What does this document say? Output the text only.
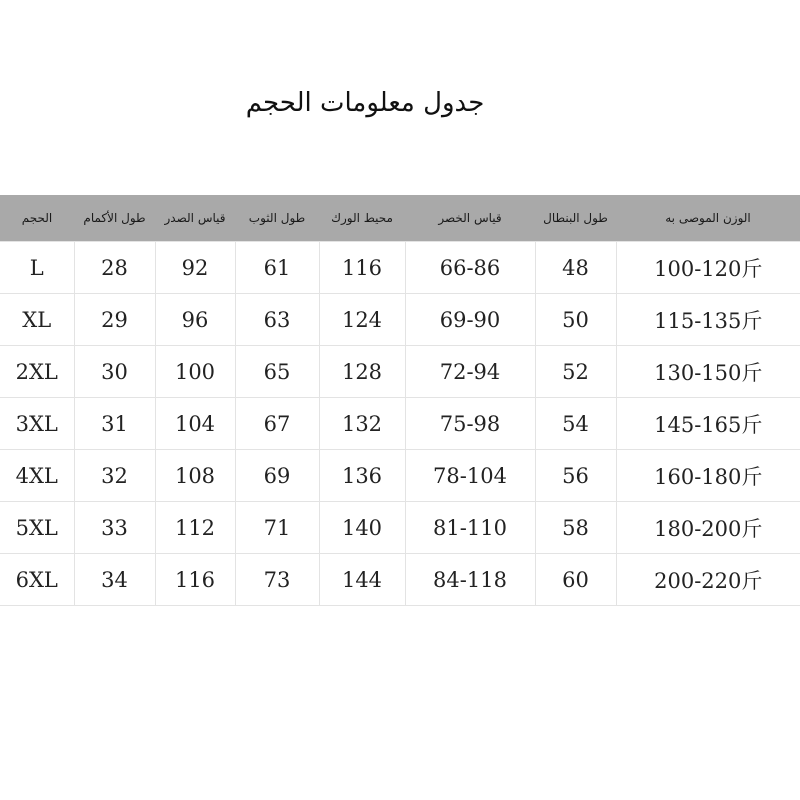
جدول معلومات الحجم
الحجم	طول الأكمام	قياس الصدر	طول الثوب	محيط الورك	قياس الخصر	طول البنطال	الوزن الموصى به
L	28	92	61	116	66-86	48	100-120斤
XL	29	96	63	124	69-90	50	115-135斤
2XL	30	100	65	128	72-94	52	130-150斤
3XL	31	104	67	132	75-98	54	145-165斤
4XL	32	108	69	136	78-104	56	160-180斤
5XL	33	112	71	140	81-110	58	180-200斤
6XL	34	116	73	144	84-118	60	200-220斤
